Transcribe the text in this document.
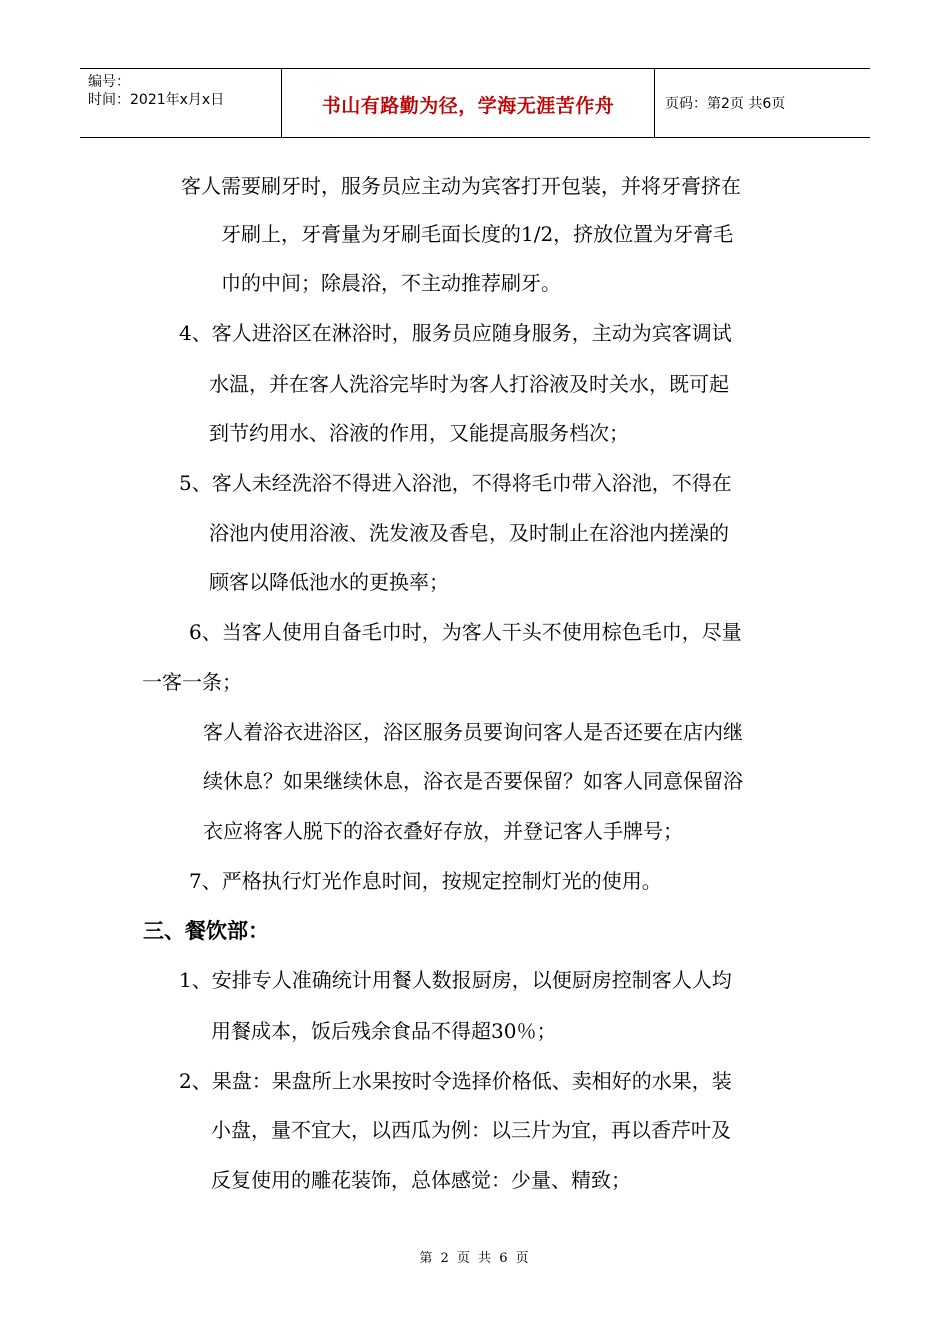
编号：
时间：2021年x月x日	书山有路勤为径，学海无涯苦作舟	页码：第2页 共6页
客人需要刷牙时，服务员应主动为宾客打开包装，并将牙膏挤在
牙刷上，牙膏量为牙刷毛面长度的1/2，挤放位置为牙膏毛
巾的中间；除晨浴，不主动推荐刷牙。
4、客人进浴区在淋浴时，服务员应随身服务，主动为宾客调试
水温，并在客人洗浴完毕时为客人打浴液及时关水，既可起
到节约用水、浴液的作用，又能提高服务档次；
5、客人未经洗浴不得进入浴池，不得将毛巾带入浴池，不得在
浴池内使用浴液、洗发液及香皂，及时制止在浴池内搓澡的
顾客以降低池水的更换率；
6、当客人使用自备毛巾时，为客人干头不使用棕色毛巾，尽量
一客一条；
客人着浴衣进浴区，浴区服务员要询问客人是否还要在店内继
续休息？如果继续休息，浴衣是否要保留？如客人同意保留浴
衣应将客人脱下的浴衣叠好存放，并登记客人手牌号；
7、严格执行灯光作息时间，按规定控制灯光的使用。
三、餐饮部：
1、安排专人准确统计用餐人数报厨房，以便厨房控制客人人均
用餐成本，饭后残余食品不得超30％；
2、果盘：果盘所上水果按时令选择价格低、卖相好的水果，装
小盘，量不宜大，以西瓜为例：以三片为宜，再以香芹叶及
反复使用的雕花装饰，总体感觉：少量、精致；
第 2 页 共 6 页
